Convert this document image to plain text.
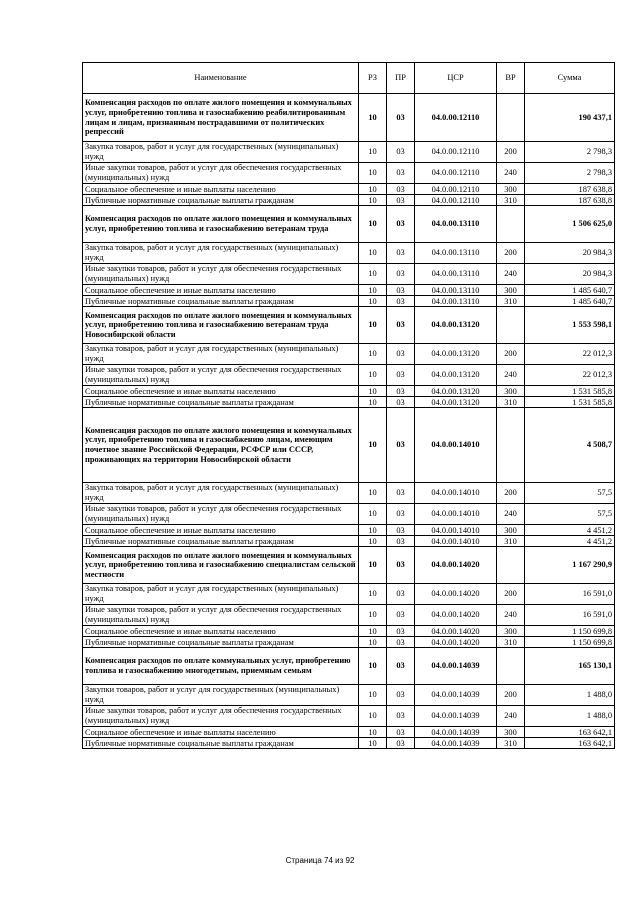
Наименование	РЗ	ПР	ЦСР	ВР	Сумма
Компенсация расходов по оплате жилого помещения и коммунальных услуг, приобретению топлива и газоснабжению реабилитированным лицам и лицам, признанным пострадавшими от политических репрессий	10	03	04.0.00.12110		190 437,1
Закупка товаров, работ и услуг для государственных (муниципальных) нужд	10	03	04.0.00.12110	200	2 798,3
Иные закупки товаров, работ и услуг для обеспечения государственных (муниципальных) нужд	10	03	04.0.00.12110	240	2 798,3
Социальное обеспечение и иные выплаты населению	10	03	04.0.00.12110	300	187 638,8
Публичные нормативные социальные выплаты гражданам	10	03	04.0.00.12110	310	187 638,8
Компенсация расходов по оплате жилого помещения и коммунальных услуг, приобретению топлива и газоснабжению ветеранам труда	10	03	04.0.00.13110		1 506 625,0
Закупка товаров, работ и услуг для государственных (муниципальных) нужд	10	03	04.0.00.13110	200	20 984,3
Иные закупки товаров, работ и услуг для обеспечения государственных (муниципальных) нужд	10	03	04.0.00.13110	240	20 984,3
Социальное обеспечение и иные выплаты населению	10	03	04.0.00.13110	300	1 485 640,7
Публичные нормативные социальные выплаты гражданам	10	03	04.0.00.13110	310	1 485 640,7
Компенсация расходов по оплате жилого помещения и коммунальных услуг, приобретению топлива и газоснабжению ветеранам труда Новосибирской области	10	03	04.0.00.13120		1 553 598,1
Закупка товаров, работ и услуг для государственных (муниципальных) нужд	10	03	04.0.00.13120	200	22 012,3
Иные закупки товаров, работ и услуг для обеспечения государственных (муниципальных) нужд	10	03	04.0.00.13120	240	22 012,3
Социальное обеспечение и иные выплаты населению	10	03	04.0.00.13120	300	1 531 585,8
Публичные нормативные социальные выплаты гражданам	10	03	04.0.00.13120	310	1 531 585,8
Компенсация расходов по оплате жилого помещения и коммунальных услуг, приобретению топлива и газоснабжению лицам, имеющим почетное звание Российской Федерации, РСФСР или СССР, проживающих на территории Новосибирской области	10	03	04.0.00.14010		4 508,7
Закупка товаров, работ и услуг для государственных (муниципальных) нужд	10	03	04.0.00.14010	200	57,5
Иные закупки товаров, работ и услуг для обеспечения государственных (муниципальных) нужд	10	03	04.0.00.14010	240	57,5
Социальное обеспечение и иные выплаты населению	10	03	04.0.00.14010	300	4 451,2
Публичные нормативные социальные выплаты гражданам	10	03	04.0.00.14010	310	4 451,2
Компенсация расходов по оплате жилого помещения и коммунальных услуг, приобретению топлива и газоснабжению специалистам сельской местности	10	03	04.0.00.14020		1 167 290,9
Закупка товаров, работ и услуг для государственных (муниципальных) нужд	10	03	04.0.00.14020	200	16 591,0
Иные закупки товаров, работ и услуг для обеспечения государственных (муниципальных) нужд	10	03	04.0.00.14020	240	16 591,0
Социальное обеспечение и иные выплаты населению	10	03	04.0.00.14020	300	1 150 699,8
Публичные нормативные социальные выплаты гражданам	10	03	04.0.00.14020	310	1 150 699,8
Компенсация расходов по оплате коммунальных услуг, приобретению топлива и газоснабжению многодетным, приемным семьям	10	03	04.0.00.14039		165 130,1
Закупки товаров, работ и услуг для государственных (муниципальных) нужд	10	03	04.0.00.14039	200	1 488,0
Иные закупки товаров, работ и услуг для обеспечения государственных (муниципальных) нужд	10	03	04.0.00.14039	240	1 488,0
Социальное обеспечение и иные выплаты населению	10	03	04.0.00.14039	300	163 642,1
Публичные нормативные социальные выплаты гражданам	10	03	04.0.00.14039	310	163 642,1
Страница 74 из 92
